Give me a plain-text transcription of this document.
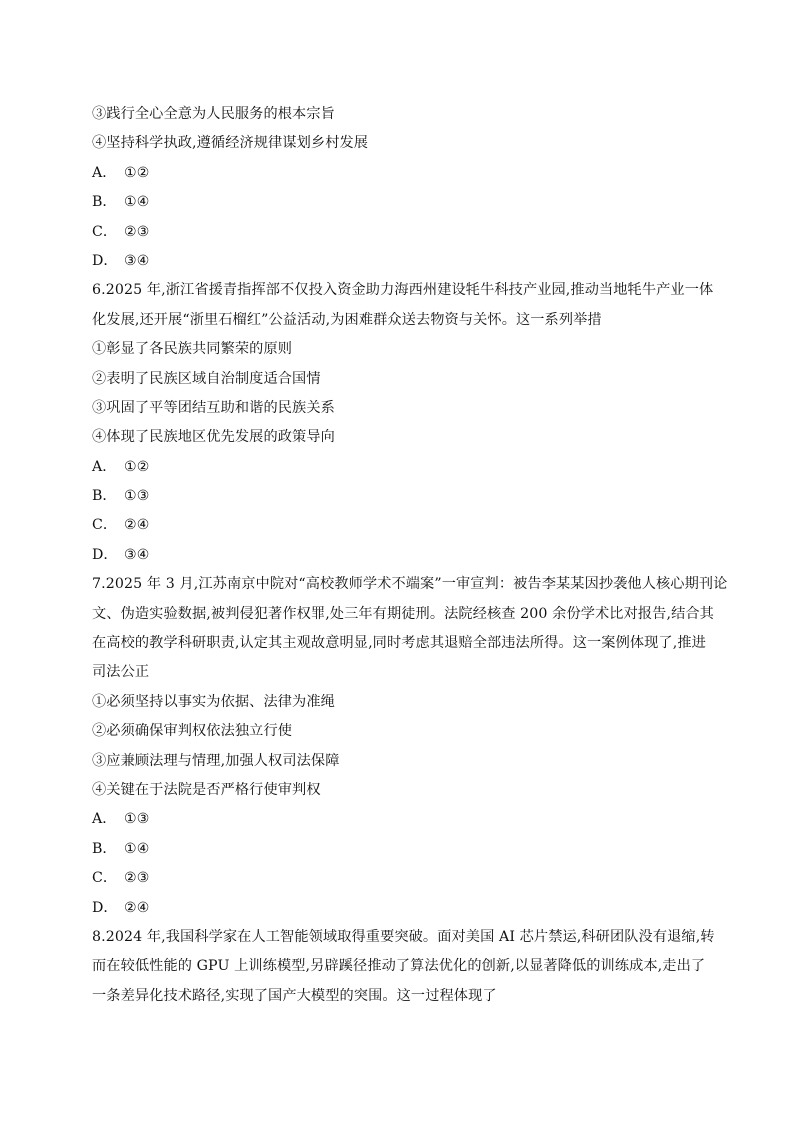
③践行全心全意为人民服务的根本宗旨
④坚持科学执政,遵循经济规律谋划乡村发展
A． ①②
B． ①④
C． ②③
D． ③④
6.2025 年,浙江省援青指挥部不仅投入资金助力海西州建设牦牛科技产业园,推动当地牦牛产业一体
化发展,还开展“浙里石榴红”公益活动,为困难群众送去物资与关怀。这一系列举措
①彰显了各民族共同繁荣的原则
②表明了民族区域自治制度适合国情
③巩固了平等团结互助和谐的民族关系
④体现了民族地区优先发展的政策导向
A． ①②
B． ①③
C． ②④
D． ③④
7.2025 年 3 月,江苏南京中院对“高校教师学术不端案”一审宣判：被告李某某因抄袭他人核心期刊论
文、伪造实验数据,被判侵犯著作权罪,处三年有期徒刑。法院经核查 200 余份学术比对报告,结合其
在高校的教学科研职责,认定其主观故意明显,同时考虑其退赔全部违法所得。这一案例体现了,推进
司法公正
①必须坚持以事实为依据、法律为准绳
②必须确保审判权依法独立行使
③应兼顾法理与情理,加强人权司法保障
④关键在于法院是否严格行使审判权
A． ①③
B． ①④
C． ②③
D． ②④
8.2024 年,我国科学家在人工智能领域取得重要突破。面对美国 AI 芯片禁运,科研团队没有退缩,转
而在较低性能的 GPU 上训练模型,另辟蹊径推动了算法优化的创新,以显著降低的训练成本,走出了
一条差异化技术路径,实现了国产大模型的突围。这一过程体现了
